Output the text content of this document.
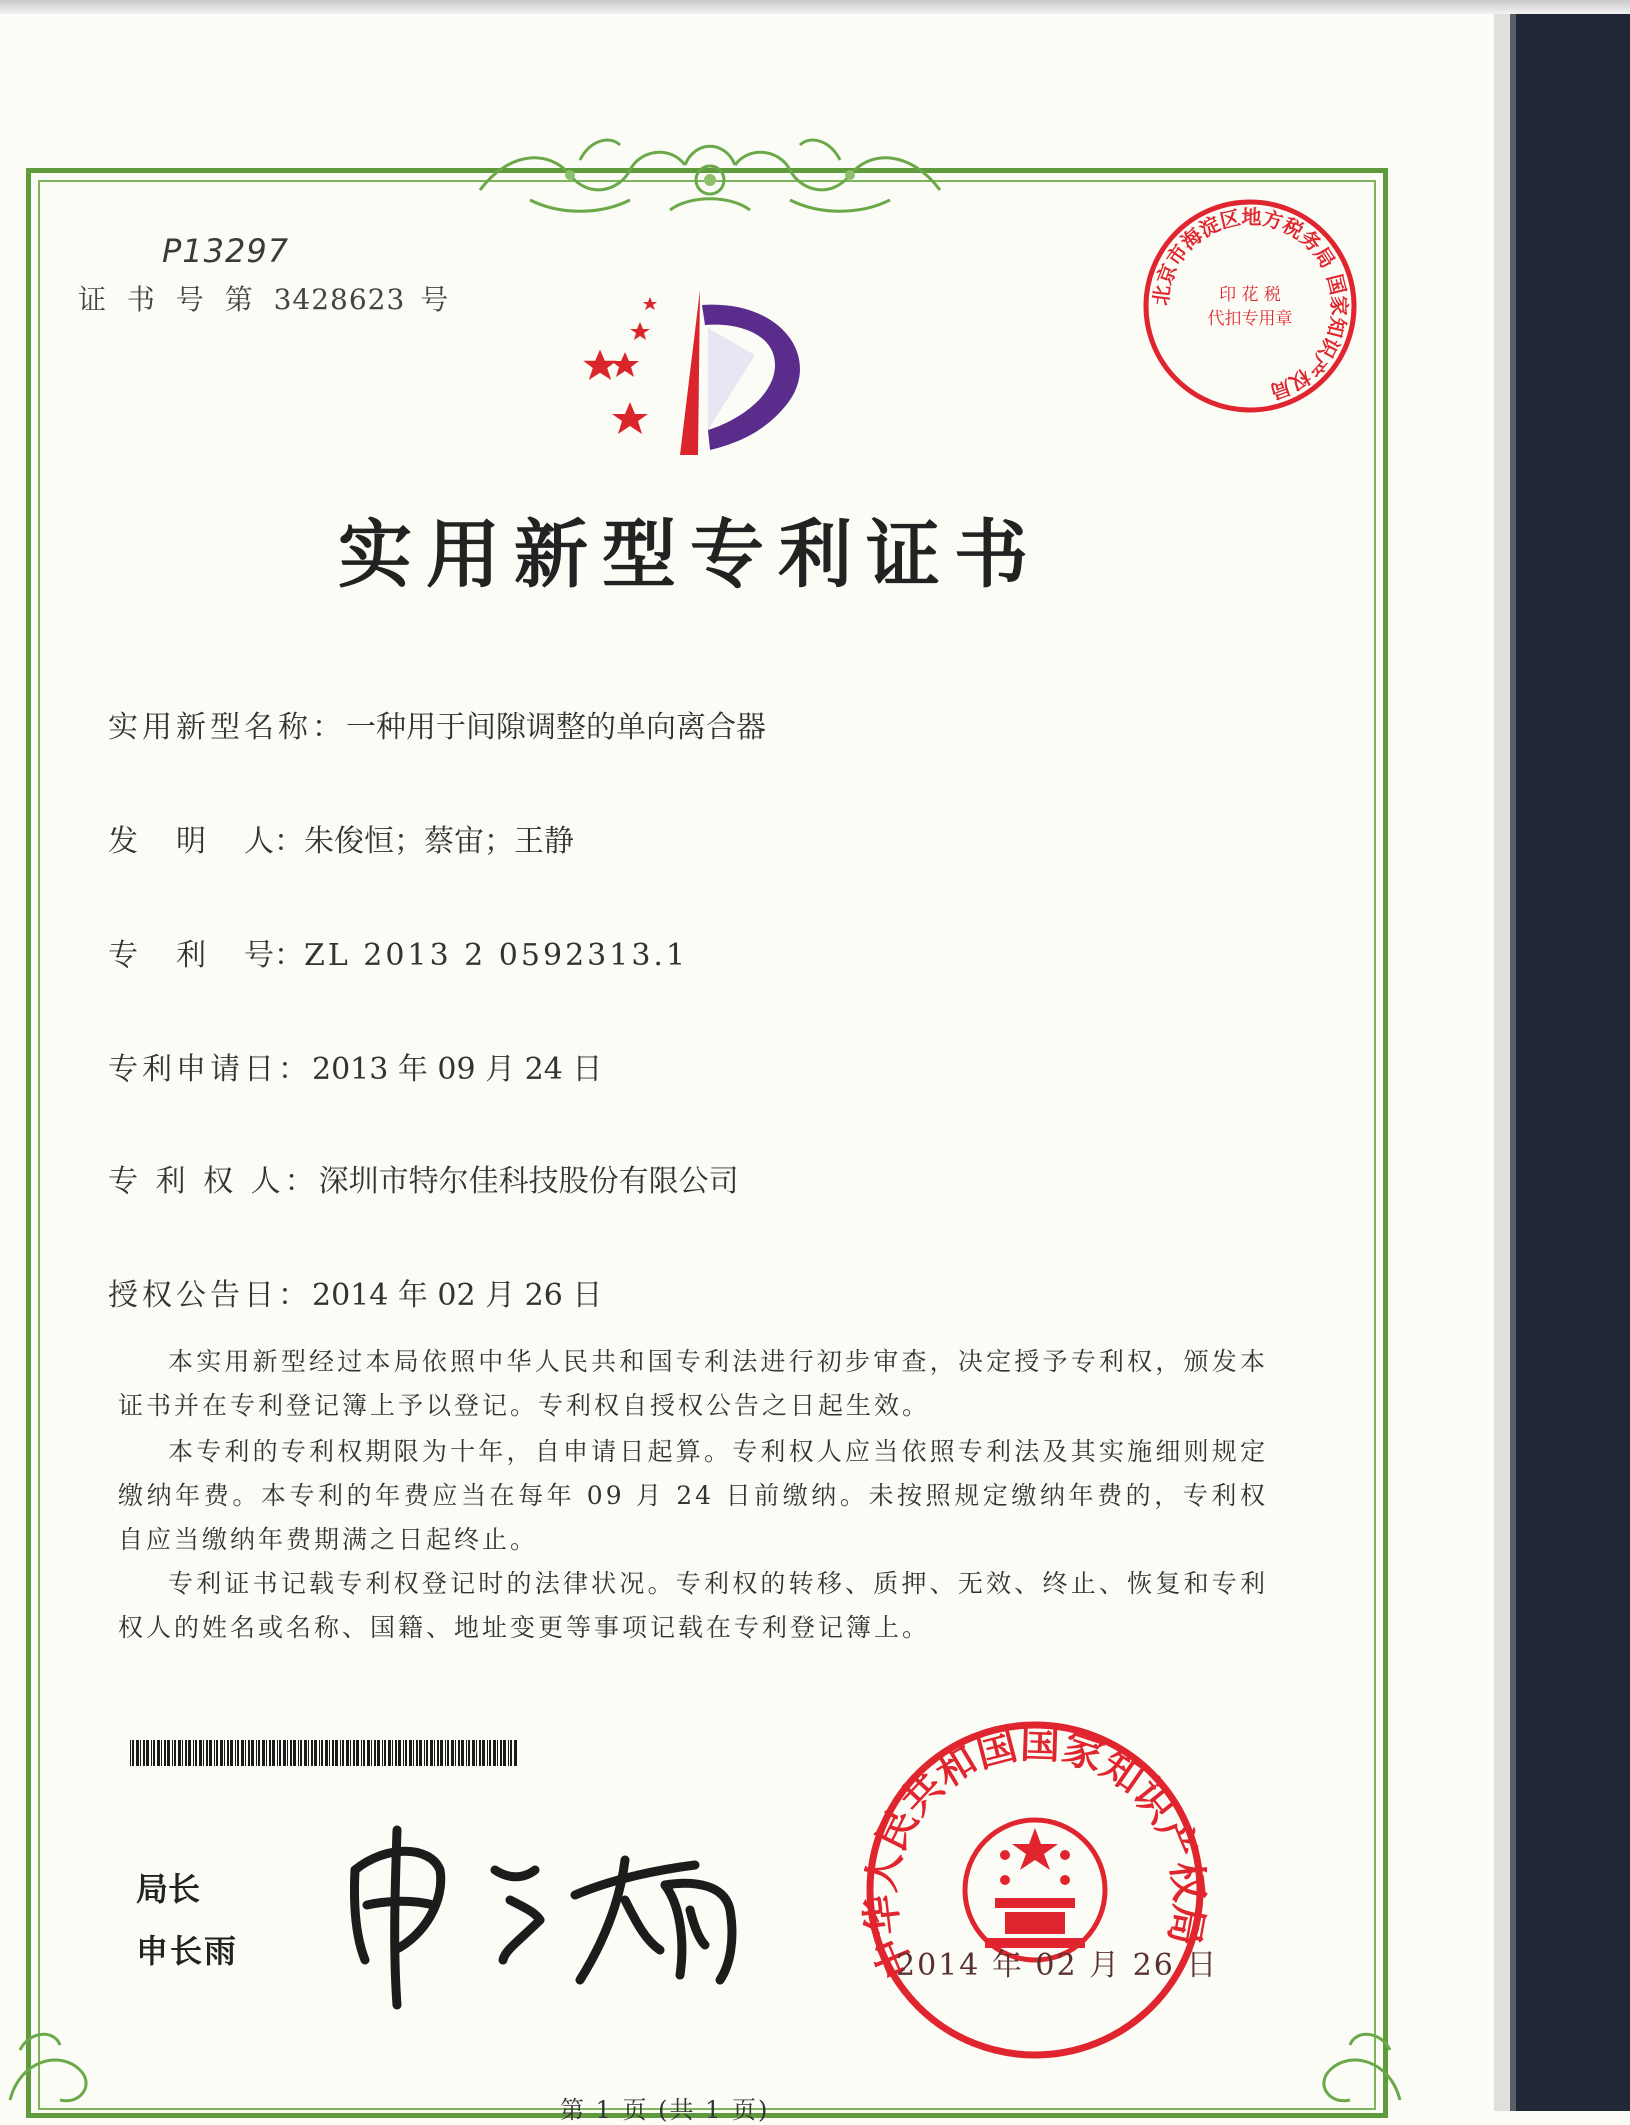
P13297
证 书 号 第 3428623 号	北京市海淀区地方税务局 国家知识产权局
印 花 税
代扣专用章
实用新型专利证书
实用新型名称：一种用于间隙调整的单向离合器
发明人：朱俊恒；蔡宙；王静
专利号：ZL 2013 2 0592313.1
专利申请日：2013 年 09 月 24 日
专 利 权 人：深圳市特尔佳科技股份有限公司
授权公告日：2014 年 02 月 26 日
本实用新型经过本局依照中华人民共和国专利法进行初步审查，决定授予专利权，颁发本证书并在专利登记簿上予以登记。专利权自授权公告之日起生效。
本专利的专利权期限为十年，自申请日起算。专利权人应当依照专利法及其实施细则规定缴纳年费。本专利的年费应当在每年 09 月 24 日前缴纳。未按照规定缴纳年费的，专利权自应当缴纳年费期满之日起终止。
专利证书记载专利权登记时的法律状况。专利权的转移、质押、无效、终止、恢复和专利权人的姓名或名称、国籍、地址变更等事项记载在专利登记簿上。
局长
申长雨	中华人民共和国国家知识产权局
2014 年 02 月 26 日
第 1 页 (共 1 页)
